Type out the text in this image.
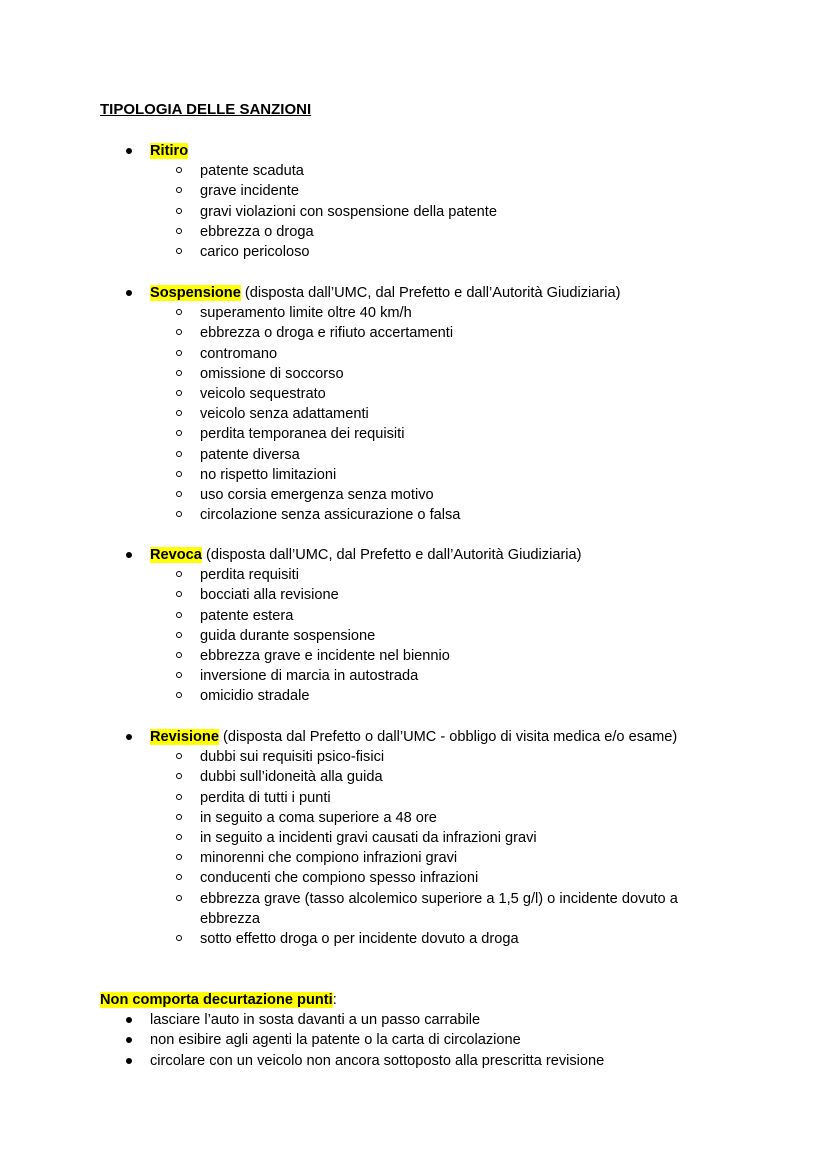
TIPOLOGIA DELLE SANZIONI
Ritiro
patente scaduta
grave incidente
gravi violazioni con sospensione della patente
ebbrezza o droga
carico pericoloso
Sospensione (disposta dall’UMC, dal Prefetto e dall’Autorità Giudiziaria)
superamento limite oltre 40 km/h
ebbrezza o droga e rifiuto accertamenti
contromano
omissione di soccorso
veicolo sequestrato
veicolo senza adattamenti
perdita temporanea dei requisiti
patente diversa
no rispetto limitazioni
uso corsia emergenza senza motivo
circolazione senza assicurazione o falsa
Revoca (disposta dall’UMC, dal Prefetto e dall’Autorità Giudiziaria)
perdita requisiti
bocciati alla revisione
patente estera
guida durante sospensione
ebbrezza grave e incidente nel biennio
inversione di marcia in autostrada
omicidio stradale
Revisione (disposta dal Prefetto o dall’UMC - obbligo di visita medica e/o esame)
dubbi sui requisiti psico-fisici
dubbi sull’idoneità alla guida
perdita di tutti i punti
in seguito a coma superiore a 48 ore
in seguito a incidenti gravi causati da infrazioni gravi
minorenni che compiono infrazioni gravi
conducenti che compiono spesso infrazioni
ebbrezza grave (tasso alcolemico superiore a 1,5 g/l) o incidente dovuto a ebbrezza
sotto effetto droga o per incidente dovuto a droga
Non comporta decurtazione punti:
lasciare l’auto in sosta davanti a un passo carrabile
non esibire agli agenti la patente o la carta di circolazione
circolare con un veicolo non ancora sottoposto alla prescritta revisione
